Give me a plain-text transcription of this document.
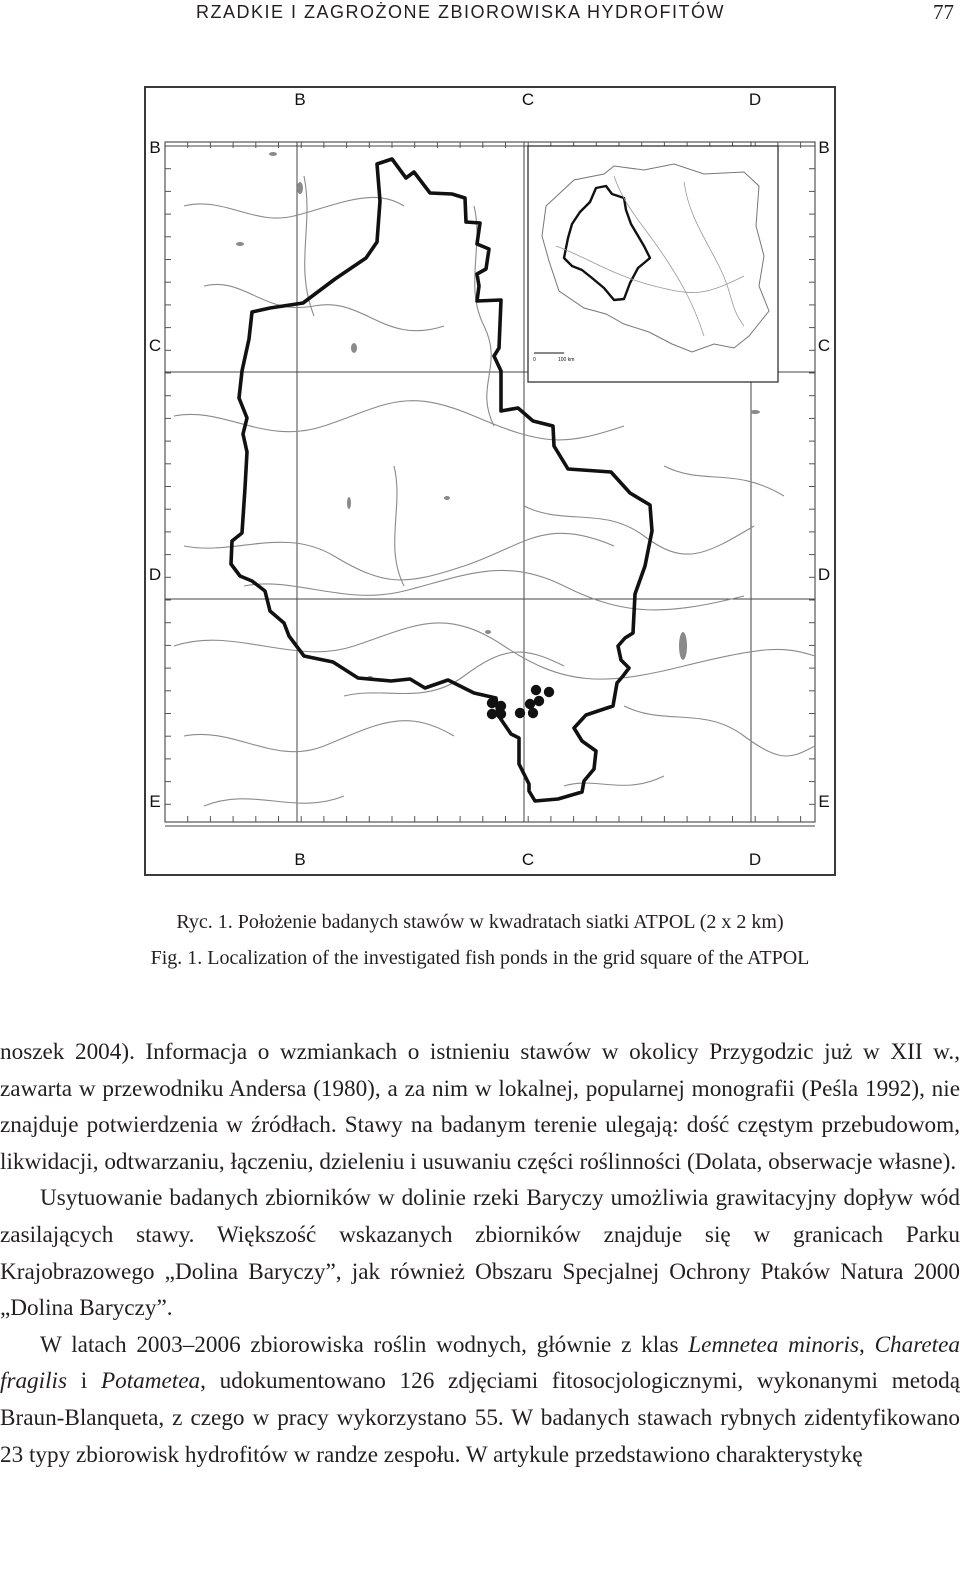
RZADKIE I ZAGROŻONE ZBIOROWISKA HYDROFITÓW	77
0	100 km
B	C	D
B	C	D
B
C
D
E
B
C
D
E

Ryc. 1. Położenie badanych stawów w kwadratach siatki ATPOL (2 x 2 km)

Fig. 1. Localization of the investigated fish ponds in the grid square of the ATPOL

noszek 2004). Informacja o wzmiankach o istnieniu stawów w okolicy Przygodzic już w XII w., zawarta w przewodniku Andersa (1980), a za nim w lokalnej, popularnej monografii (Peśla 1992), nie znajduje potwierdzenia w źródłach. Stawy na badanym terenie ulegają: dość częstym przebudowom, likwidacji, odtwarzaniu, łączeniu, dzieleniu i usuwaniu części roślinności (Dolata, obserwacje własne).

Usytuowanie badanych zbiorników w dolinie rzeki Baryczy umożliwia grawitacyjny dopływ wód zasilających stawy. Większość wskazanych zbiorników znajduje się w granicach Parku Krajobrazowego „Dolina Baryczy”, jak również Obszaru Specjalnej Ochrony Ptaków Natura 2000 „Dolina Baryczy”.

W latach 2003–2006 zbiorowiska roślin wodnych, głównie z klas Lemnetea minoris, Charetea fragilis i Potametea, udokumentowano 126 zdjęciami fitosocjologicznymi, wykonanymi metodą Braun-Blanqueta, z czego w pracy wykorzystano 55. W badanych stawach rybnych zidentyfikowano 23 typy zbiorowisk hydrofitów w randze zespołu. W artykule przedstawiono charakterystykę
